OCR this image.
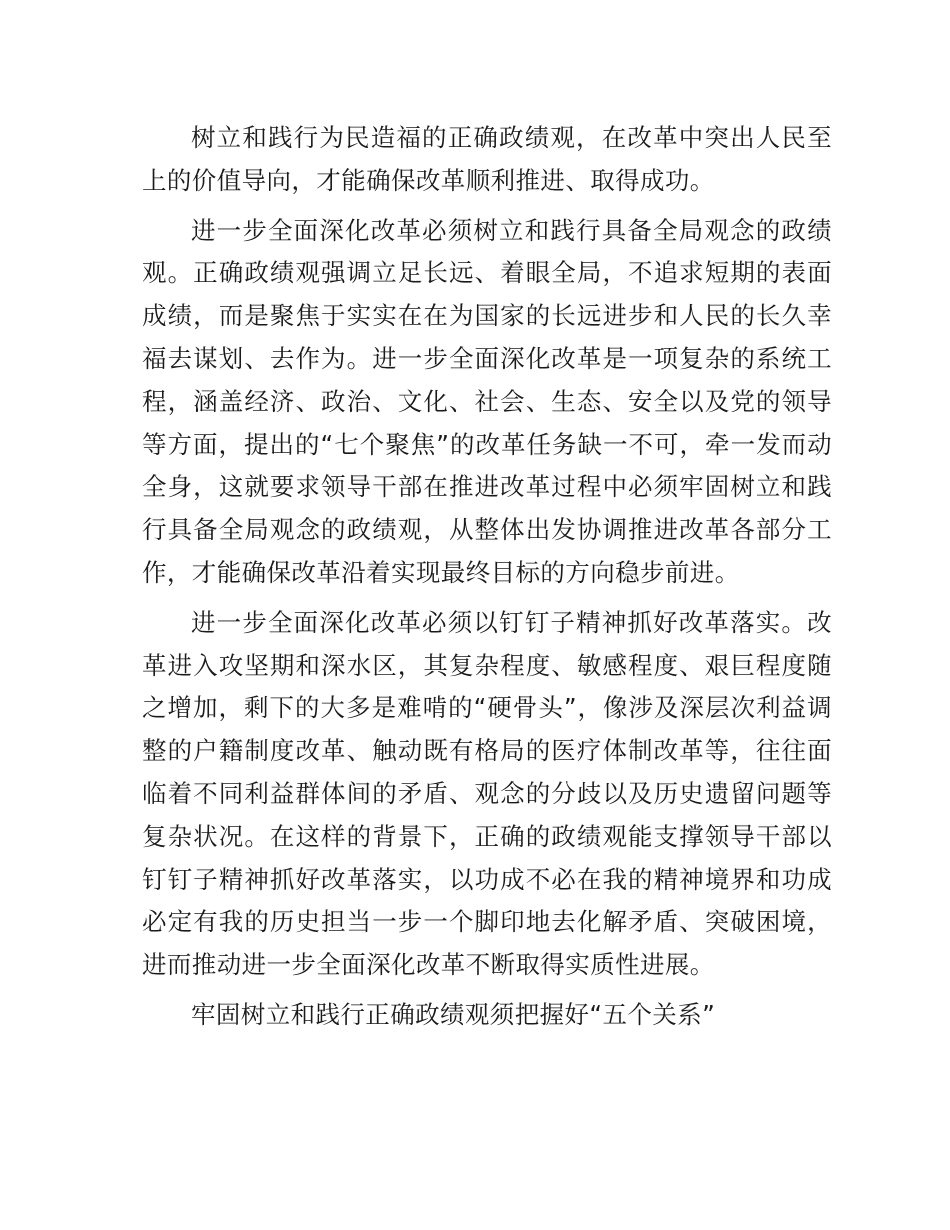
树立和践行为民造福的正确政绩观，在改革中突出人民至上的价值导向，才能确保改革顺利推进、取得成功。

进一步全面深化改革必须树立和践行具备全局观念的政绩观。正确政绩观强调立足长远、着眼全局，不追求短期的表面成绩，而是聚焦于实实在在为国家的长远进步和人民的长久幸福去谋划、去作为。进一步全面深化改革是一项复杂的系统工程，涵盖经济、政治、文化、社会、生态、安全以及党的领导等方面，提出的“七个聚焦”的改革任务缺一不可，牵一发而动全身，这就要求领导干部在推进改革过程中必须牢固树立和践行具备全局观念的政绩观，从整体出发协调推进改革各部分工作，才能确保改革沿着实现最终目标的方向稳步前进。

进一步全面深化改革必须以钉钉子精神抓好改革落实。改革进入攻坚期和深水区，其复杂程度、敏感程度、艰巨程度随之增加，剩下的大多是难啃的“硬骨头”，像涉及深层次利益调整的户籍制度改革、触动既有格局的医疗体制改革等，往往面临着不同利益群体间的矛盾、观念的分歧以及历史遗留问题等复杂状况。在这样的背景下，正确的政绩观能支撑领导干部以钉钉子精神抓好改革落实，以功成不必在我的精神境界和功成必定有我的历史担当一步一个脚印地去化解矛盾、突破困境，进而推动进一步全面深化改革不断取得实质性进展。

牢固树立和践行正确政绩观须把握好“五个关系”
